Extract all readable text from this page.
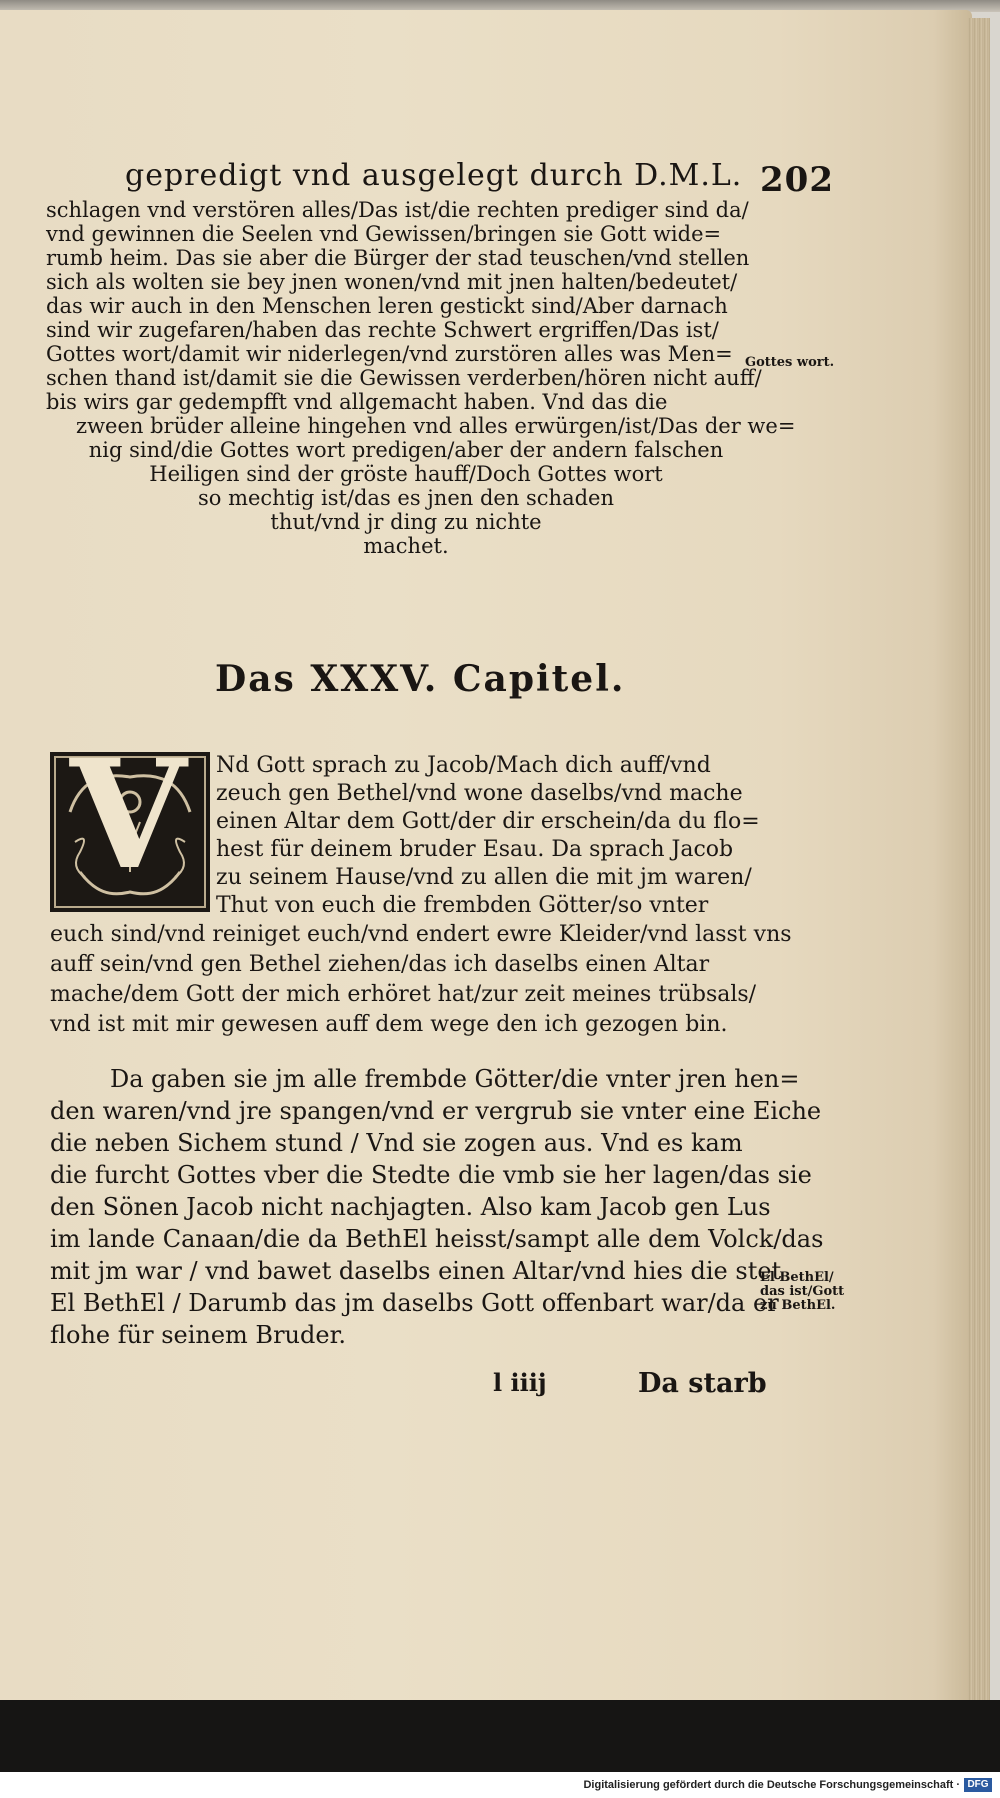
gepredigt vnd ausgelegt durch D.M.L. 202

schlagen vnd verstören alles/Das ist/die rechten prediger sind da/

vnd gewinnen die Seelen vnd Gewissen/bringen sie Gott wide=

rumb heim. Das sie aber die Bürger der stad teuschen/vnd stellen

sich als wolten sie bey jnen wonen/vnd mit jnen halten/bedeutet/

das wir auch in den Menschen leren gestickt sind/Aber darnach

sind wir zugefaren/haben das rechte Schwert ergriffen/Das ist/

Gottes wort/damit wir niderlegen/vnd zurstören alles was Men=

schen thand ist/damit sie die Gewissen verderben/hören nicht auff/

bis wirs gar gedempfft vnd allgemacht haben. Vnd das die

zween brüder alleine hingehen vnd alles erwürgen/ist/Das der we=

nig sind/die Gottes wort predigen/aber der andern falschen

Heiligen sind der gröste hauff/Doch Gottes wort

so mechtig ist/das es jnen den schaden

thut/vnd jr ding zu nichte

machet.

Gottes wort.
Das XXXV. Capitel.
V Nd Gott sprach zu Jacob/Mach dich auff/vnd

zeuch gen Bethel/vnd wone daselbs/vnd mache

einen Altar dem Gott/der dir erschein/da du flo=

hest für deinem bruder Esau. Da sprach Jacob

zu seinem Hause/vnd zu allen die mit jm waren/

Thut von euch die frembden Götter/so vnter

euch sind/vnd reiniget euch/vnd endert ewre Kleider/vnd lasst vns

auff sein/vnd gen Bethel ziehen/das ich daselbs einen Altar

mache/dem Gott der mich erhöret hat/zur zeit meines trübsals/

vnd ist mit mir gewesen auff dem wege den ich gezogen bin.

Da gaben sie jm alle frembde Götter/die vnter jren hen=

den waren/vnd jre spangen/vnd er vergrub sie vnter eine Eiche

die neben Sichem stund / Vnd sie zogen aus. Vnd es kam

die furcht Gottes vber die Stedte die vmb sie her lagen/das sie

den Sönen Jacob nicht nachjagten. Also kam Jacob gen Lus

im lande Canaan/die da BethEl heisst/sampt alle dem Volck/das

mit jm war / vnd bawet daselbs einen Altar/vnd hies die stet

El BethEl / Darumb das jm daselbs Gott offenbart war/da er

flohe für seinem Bruder.

El BethEl/
das ist/Gott
zu BethEl.
l iiij	Da starb
Digitalisierung gefördert durch die Deutsche Forschungsgemeinschaft · DFG
